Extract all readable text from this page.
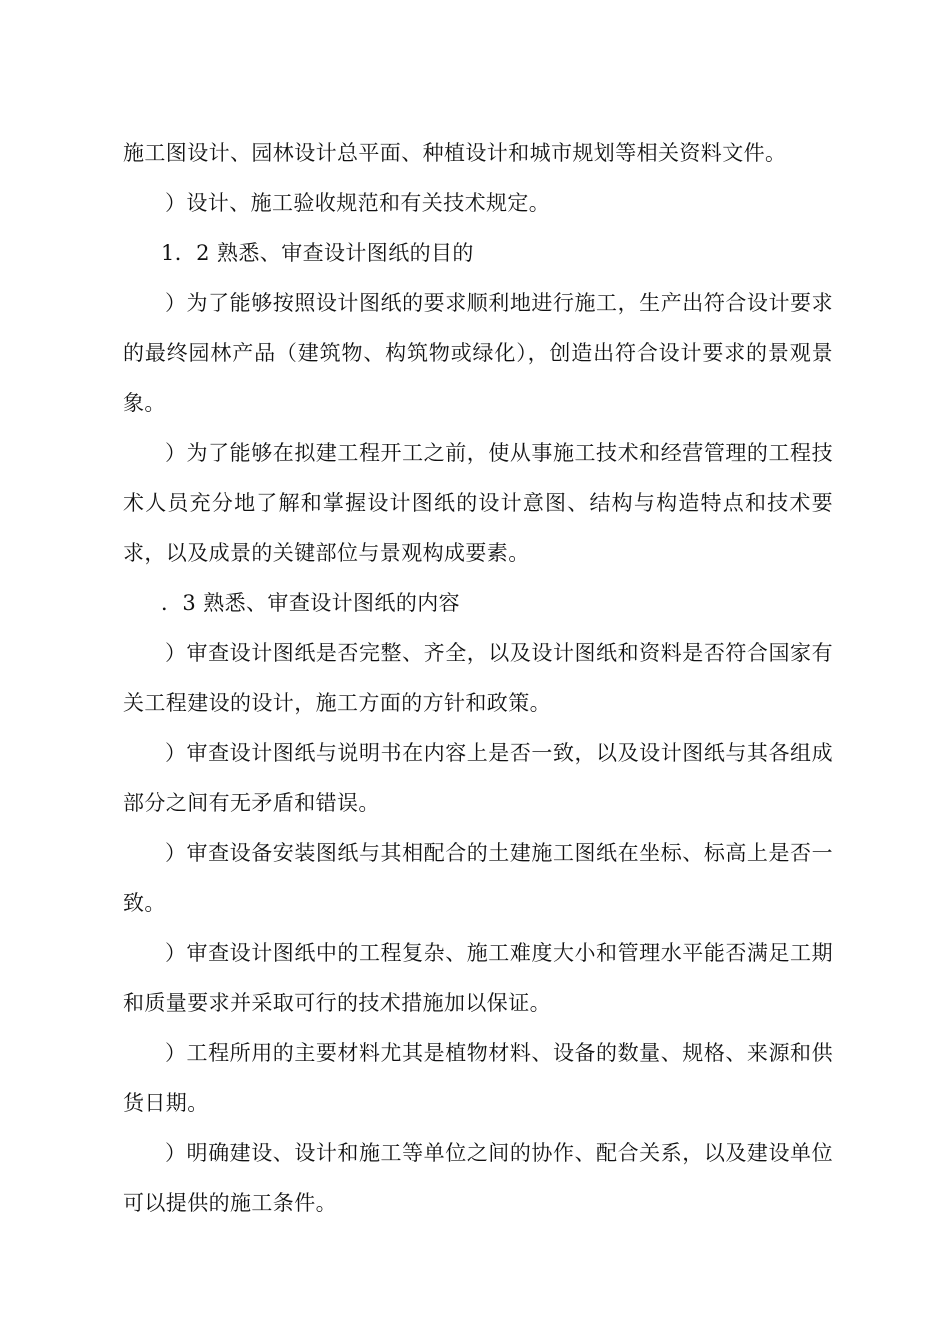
施工图设计、园林设计总平面、种植设计和城市规划等相关资料文件。

）设计、施工验收规范和有关技术规定。

1．2 熟悉、审查设计图纸的目的

）为了能够按照设计图纸的要求顺利地进行施工，生产出符合设计要求的最终园林产品（建筑物、构筑物或绿化），创造出符合设计要求的景观景象。

）为了能够在拟建工程开工之前，使从事施工技术和经营管理的工程技术人员充分地了解和掌握设计图纸的设计意图、结构与构造特点和技术要求，以及成景的关键部位与景观构成要素。

．3 熟悉、审查设计图纸的内容

）审查设计图纸是否完整、齐全，以及设计图纸和资料是否符合国家有关工程建设的设计，施工方面的方针和政策。

）审查设计图纸与说明书在内容上是否一致，以及设计图纸与其各组成部分之间有无矛盾和错误。

）审查设备安装图纸与其相配合的土建施工图纸在坐标、标高上是否一致。

）审查设计图纸中的工程复杂、施工难度大小和管理水平能否满足工期和质量要求并采取可行的技术措施加以保证。

）工程所用的主要材料尤其是植物材料、设备的数量、规格、来源和供货日期。

）明确建设、设计和施工等单位之间的协作、配合关系，以及建设单位可以提供的施工条件。
